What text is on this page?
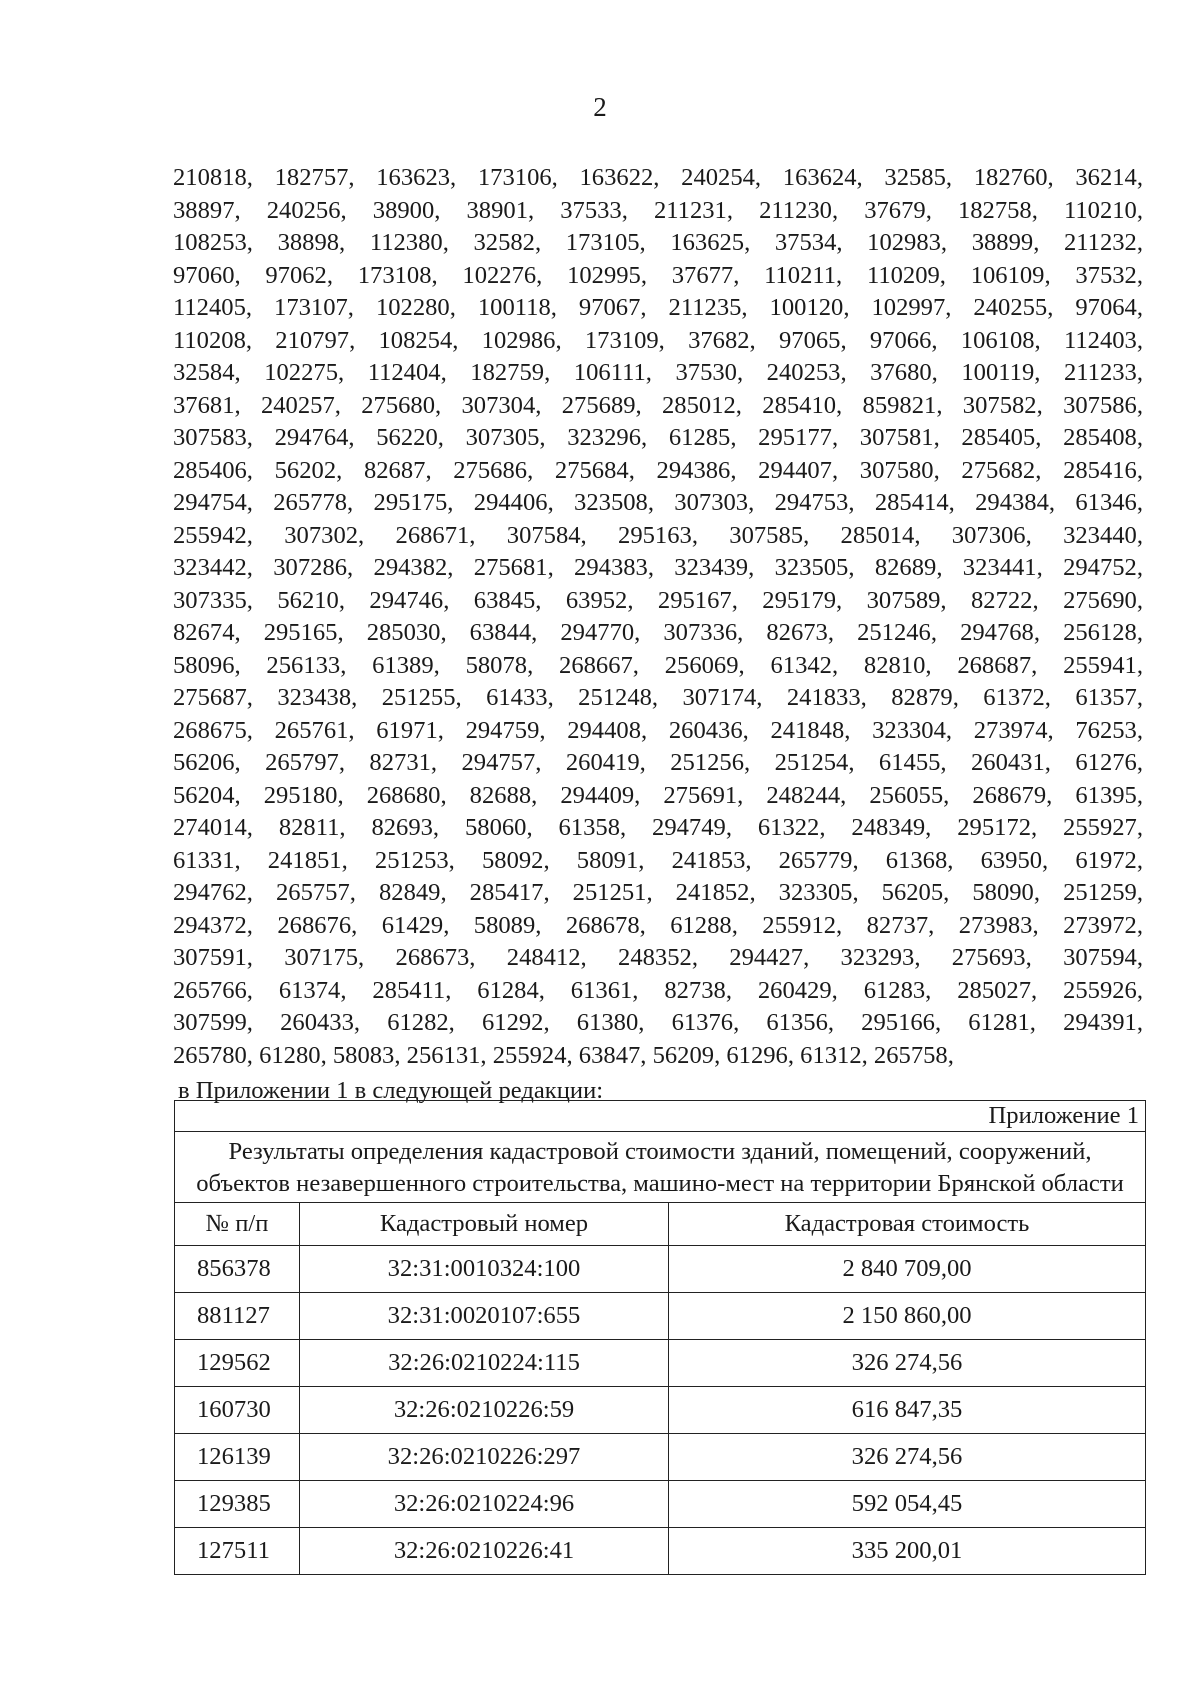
2
210818, 182757, 163623, 173106, 163622, 240254, 163624, 32585, 182760, 36214,
38897, 240256, 38900, 38901, 37533, 211231, 211230, 37679, 182758, 110210,
108253, 38898, 112380, 32582, 173105, 163625, 37534, 102983, 38899, 211232,
97060, 97062, 173108, 102276, 102995, 37677, 110211, 110209, 106109, 37532,
112405, 173107, 102280, 100118, 97067, 211235, 100120, 102997, 240255, 97064,
110208, 210797, 108254, 102986, 173109, 37682, 97065, 97066, 106108, 112403,
32584, 102275, 112404, 182759, 106111, 37530, 240253, 37680, 100119, 211233,
37681, 240257, 275680, 307304, 275689, 285012, 285410, 859821, 307582, 307586,
307583, 294764, 56220, 307305, 323296, 61285, 295177, 307581, 285405, 285408,
285406, 56202, 82687, 275686, 275684, 294386, 294407, 307580, 275682, 285416,
294754, 265778, 295175, 294406, 323508, 307303, 294753, 285414, 294384, 61346,
255942, 307302, 268671, 307584, 295163, 307585, 285014, 307306, 323440,
323442, 307286, 294382, 275681, 294383, 323439, 323505, 82689, 323441, 294752,
307335, 56210, 294746, 63845, 63952, 295167, 295179, 307589, 82722, 275690,
82674, 295165, 285030, 63844, 294770, 307336, 82673, 251246, 294768, 256128,
58096, 256133, 61389, 58078, 268667, 256069, 61342, 82810, 268687, 255941,
275687, 323438, 251255, 61433, 251248, 307174, 241833, 82879, 61372, 61357,
268675, 265761, 61971, 294759, 294408, 260436, 241848, 323304, 273974, 76253,
56206, 265797, 82731, 294757, 260419, 251256, 251254, 61455, 260431, 61276,
56204, 295180, 268680, 82688, 294409, 275691, 248244, 256055, 268679, 61395,
274014, 82811, 82693, 58060, 61358, 294749, 61322, 248349, 295172, 255927,
61331, 241851, 251253, 58092, 58091, 241853, 265779, 61368, 63950, 61972,
294762, 265757, 82849, 285417, 251251, 241852, 323305, 56205, 58090, 251259,
294372, 268676, 61429, 58089, 268678, 61288, 255912, 82737, 273983, 273972,
307591, 307175, 268673, 248412, 248352, 294427, 323293, 275693, 307594,
265766, 61374, 285411, 61284, 61361, 82738, 260429, 61283, 285027, 255926,
307599, 260433, 61282, 61292, 61380, 61376, 61356, 295166, 61281, 294391,
265780, 61280, 58083, 256131, 255924, 63847, 56209, 61296, 61312, 265758,
в Приложении 1 в следующей редакции:
Приложение 1		
Результаты определения кадастровой стоимости зданий, помещений, сооружений, объектов незавершенного строительства, машино-мест на территории Брянской области		
№ п/п	Кадастровый номер	Кадастровая стоимость
856378	32:31:0010324:100	2 840 709,00
881127	32:31:0020107:655	2 150 860,00
129562	32:26:0210224:115	326 274,56
160730	32:26:0210226:59	616 847,35
126139	32:26:0210226:297	326 274,56
129385	32:26:0210224:96	592 054,45
127511	32:26:0210226:41	335 200,01
